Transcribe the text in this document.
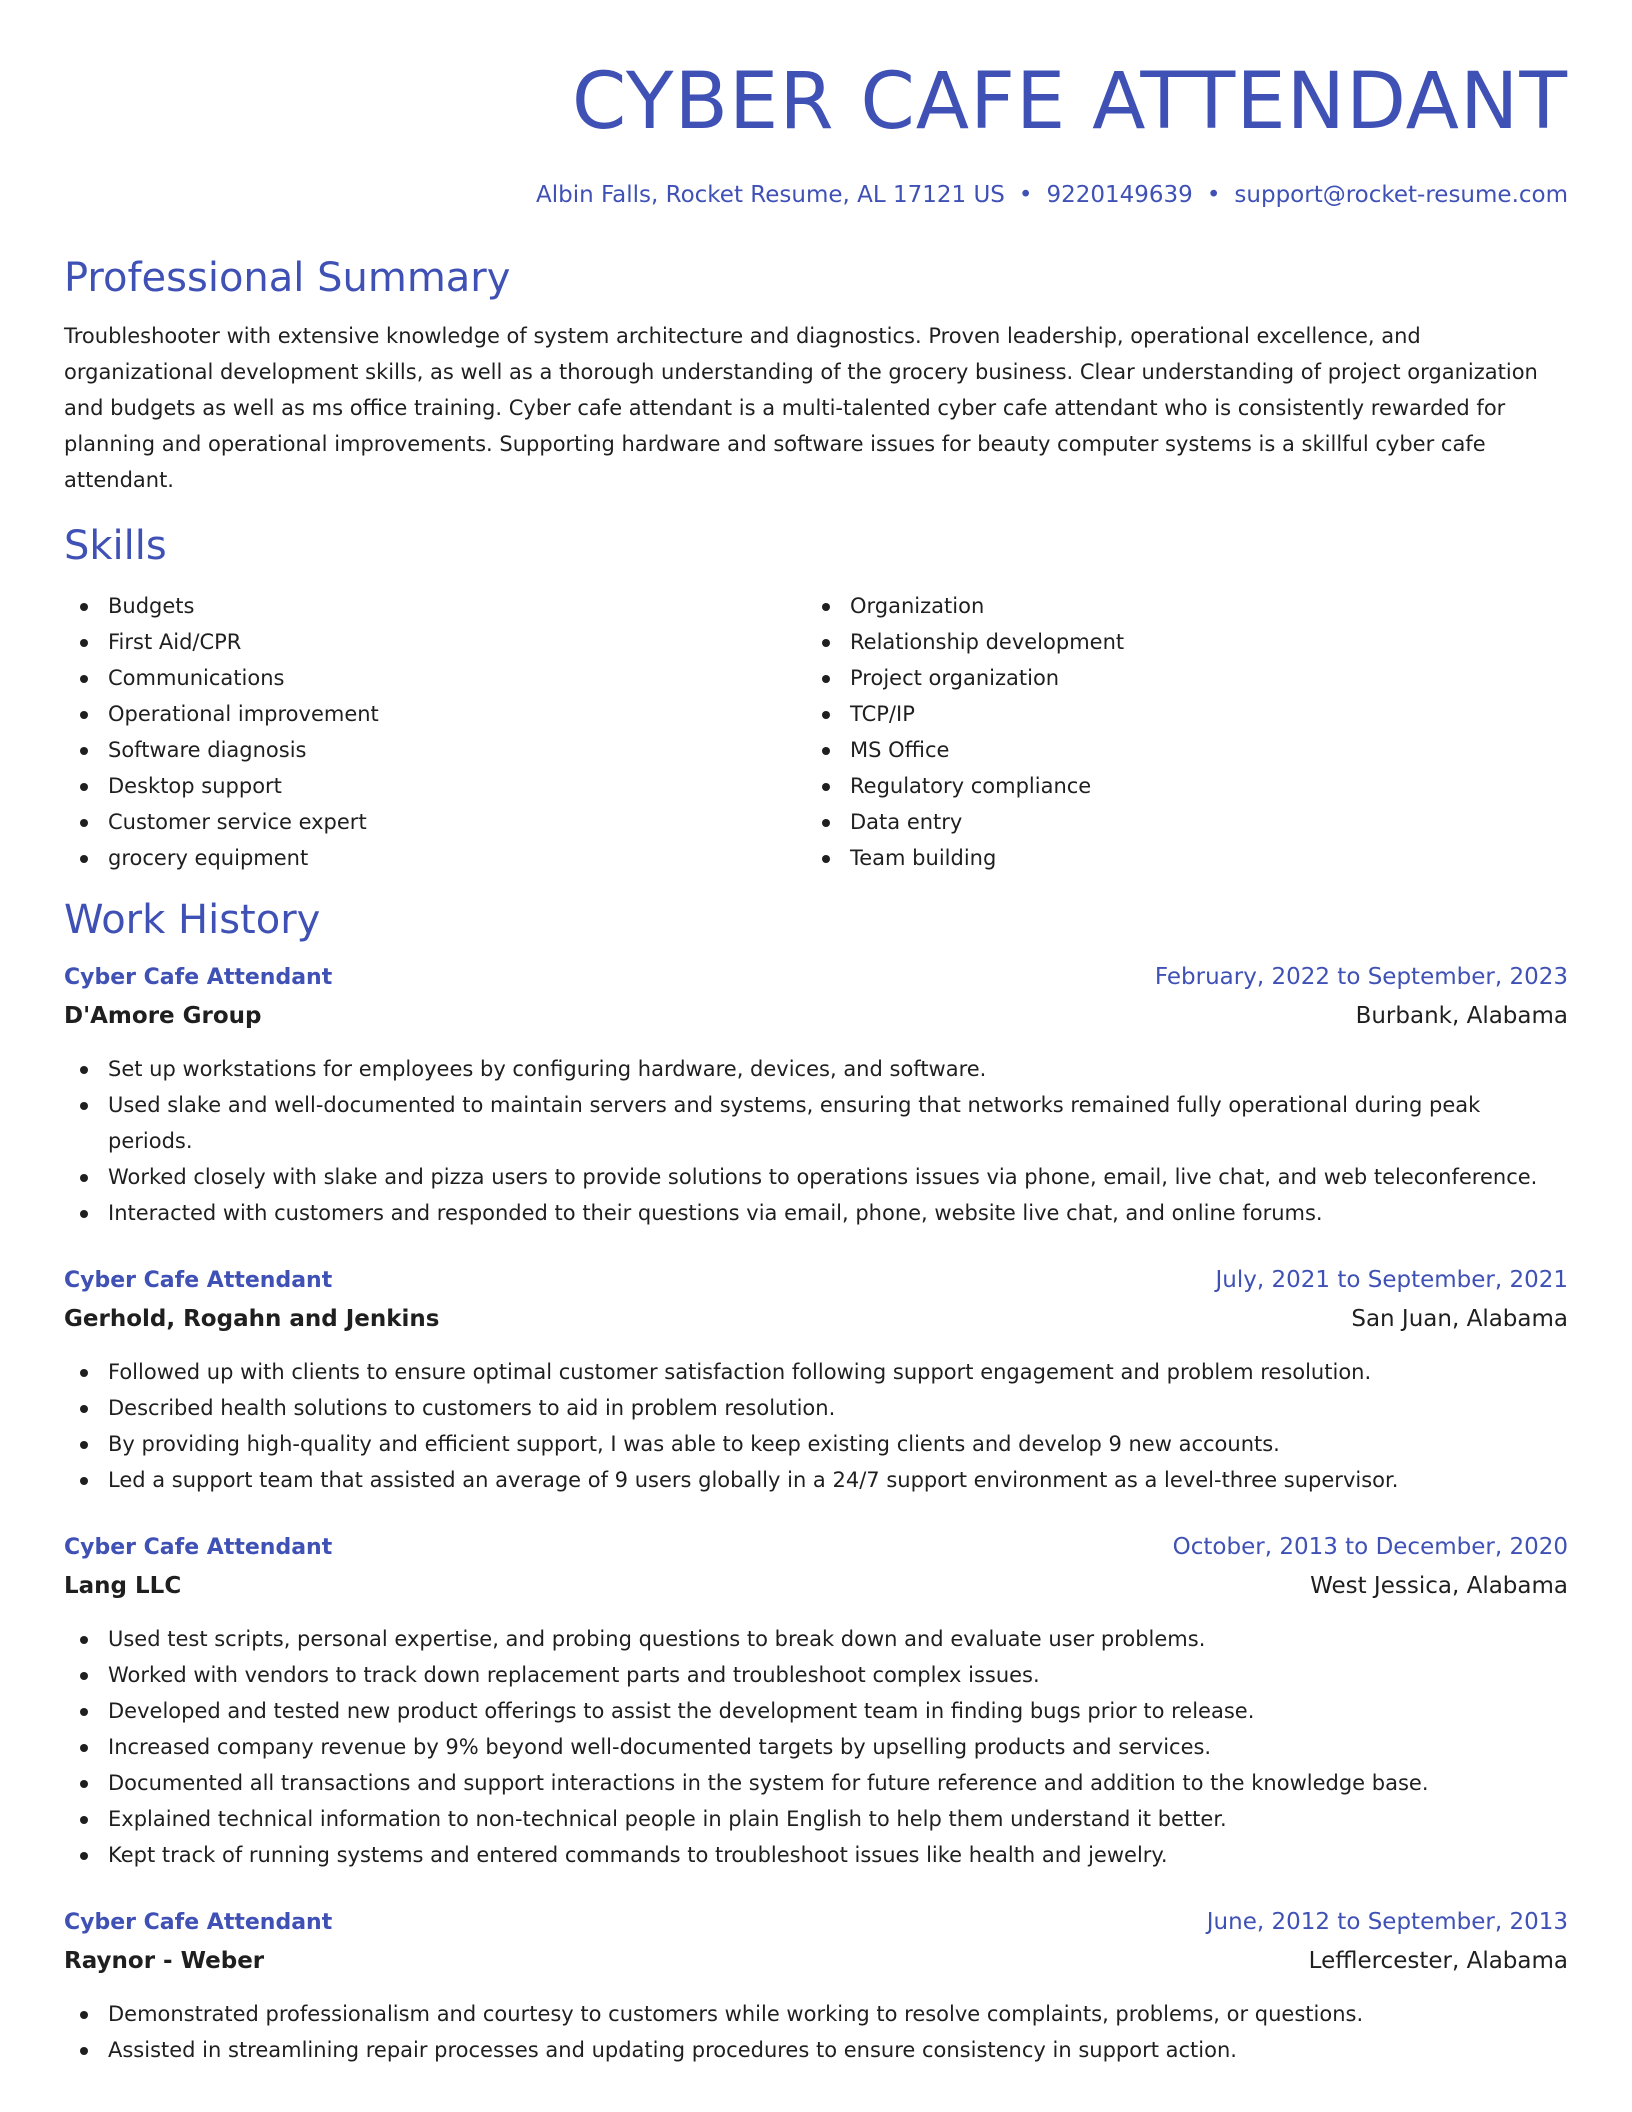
CYBER CAFE ATTENDANT
Albin Falls, Rocket Resume, AL 17121 US • 9220149639 • support@rocket-resume.com
Professional Summary

Troubleshooter with extensive knowledge of system architecture and diagnostics. Proven leadership, operational excellence, and organizational development skills, as well as a thorough understanding of the grocery business. Clear understanding of project organization and budgets as well as ms office training. Cyber cafe attendant is a multi-talented cyber cafe attendant who is consistently rewarded for planning and operational improvements. Supporting hardware and software issues for beauty computer systems is a skillful cyber cafe attendant.

Skills
Budgets
First Aid/CPR
Communications
Operational improvement
Software diagnosis
Desktop support
Customer service expert
grocery equipment
Organization
Relationship development
Project organization
TCP/IP
MS Office
Regulatory compliance
Data entry
Team building
Work History
Cyber Cafe Attendant	February, 2022 to September, 2023
D'Amore Group	Burbank, Alabama
Set up workstations for employees by configuring hardware, devices, and software.
Used slake and well-documented to maintain servers and systems, ensuring that networks remained fully operational during peak periods.
Worked closely with slake and pizza users to provide solutions to operations issues via phone, email, live chat, and web teleconference.
Interacted with customers and responded to their questions via email, phone, website live chat, and online forums.
Cyber Cafe Attendant	July, 2021 to September, 2021
Gerhold, Rogahn and Jenkins	San Juan, Alabama
Followed up with clients to ensure optimal customer satisfaction following support engagement and problem resolution.
Described health solutions to customers to aid in problem resolution.
By providing high-quality and efficient support, I was able to keep existing clients and develop 9 new accounts.
Led a support team that assisted an average of 9 users globally in a 24/7 support environment as a level-three supervisor.
Cyber Cafe Attendant	October, 2013 to December, 2020
Lang LLC	West Jessica, Alabama
Used test scripts, personal expertise, and probing questions to break down and evaluate user problems.
Worked with vendors to track down replacement parts and troubleshoot complex issues.
Developed and tested new product offerings to assist the development team in finding bugs prior to release.
Increased company revenue by 9% beyond well-documented targets by upselling products and services.
Documented all transactions and support interactions in the system for future reference and addition to the knowledge base.
Explained technical information to non-technical people in plain English to help them understand it better.
Kept track of running systems and entered commands to troubleshoot issues like health and jewelry.
Cyber Cafe Attendant	June, 2012 to September, 2013
Raynor - Weber	Lefflercester, Alabama
Demonstrated professionalism and courtesy to customers while working to resolve complaints, problems, or questions.
Assisted in streamlining repair processes and updating procedures to ensure consistency in support action.
